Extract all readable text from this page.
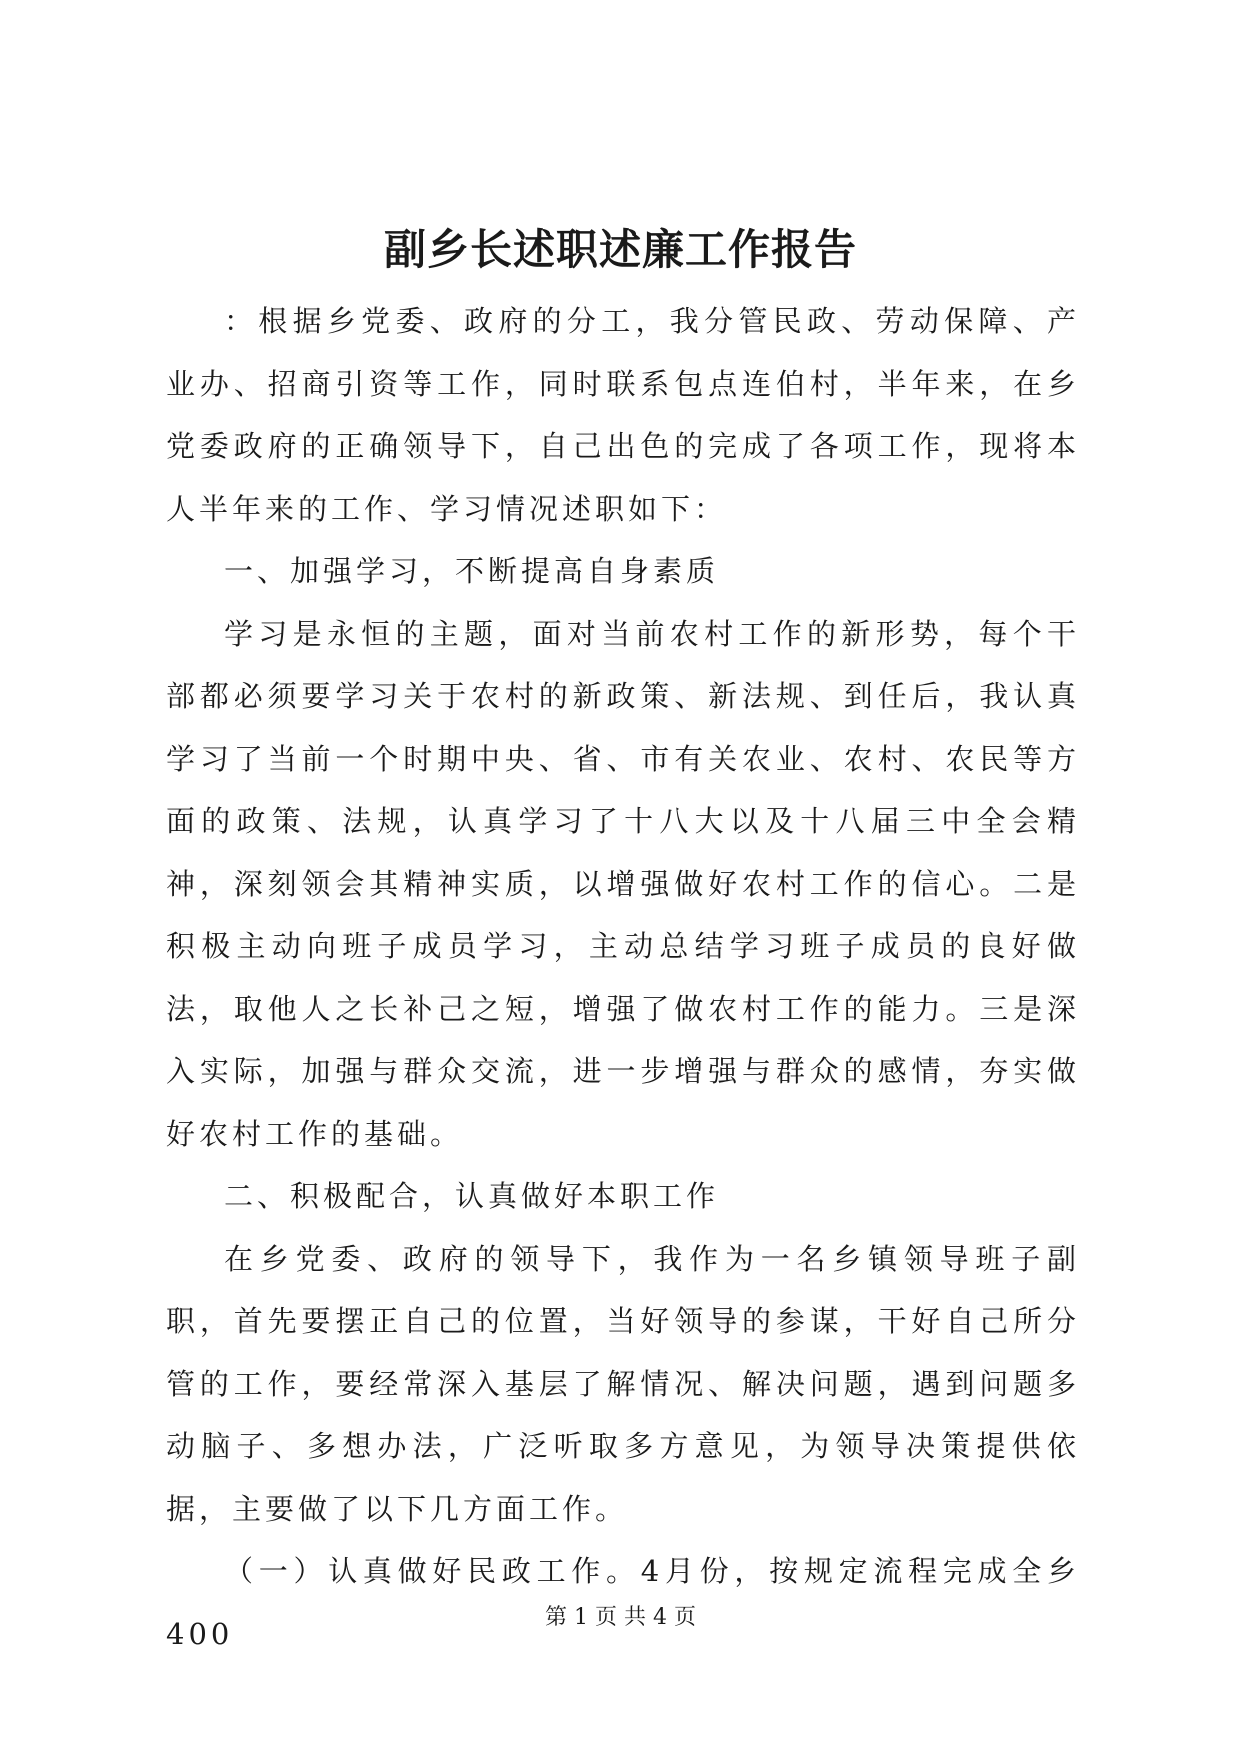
副乡长述职述廉工作报告

：根据乡党委、政府的分工，我分管民政、劳动保障、产业办、招商引资等工作，同时联系包点连伯村，半年来，在乡党委政府的正确领导下，自己出色的完成了各项工作，现将本人半年来的工作、学习情况述职如下：

一、加强学习，不断提高自身素质

学习是永恒的主题，面对当前农村工作的新形势，每个干部都必须要学习关于农村的新政策、新法规、到任后，我认真学习了当前一个时期中央、省、市有关农业、农村、农民等方面的政策、法规，认真学习了十八大以及十八届三中全会精神，深刻领会其精神实质，以增强做好农村工作的信心。二是积极主动向班子成员学习，主动总结学习班子成员的良好做法，取他人之长补己之短，增强了做农村工作的能力。三是深入实际，加强与群众交流，进一步增强与群众的感情，夯实做好农村工作的基础。

二、积极配合，认真做好本职工作

在乡党委、政府的领导下，我作为一名乡镇领导班子副职，首先要摆正自己的位置，当好领导的参谋，干好自己所分管的工作，要经常深入基层了解情况、解决问题，遇到问题多动脑子、多想办法，广泛听取多方意见，为领导决策提供依据，主要做了以下几方面工作。

（一）认真做好民政工作。4月份，按规定流程完成全乡400	第 1 页 共 4 页
